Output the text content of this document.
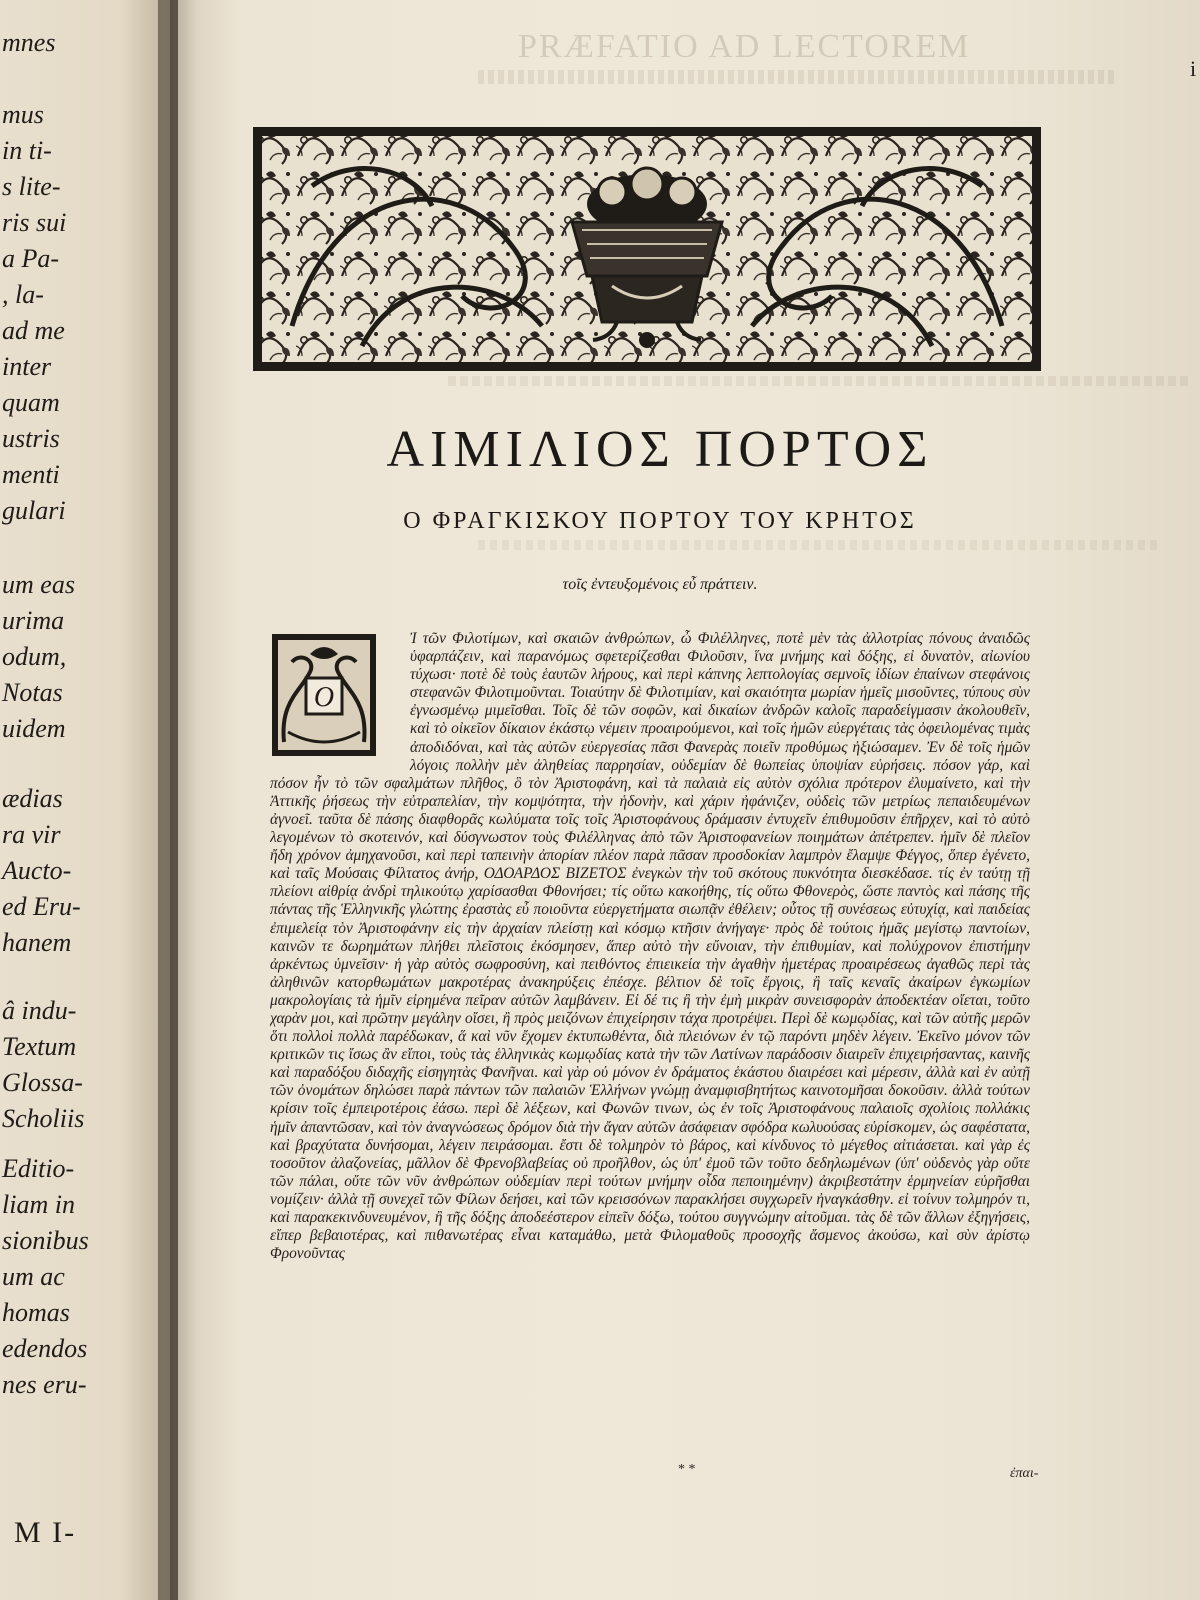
mnes
mus
in ti-
s lite-
ris sui
a Pa-
, la-
ad me
inter
quam
ustris
menti
gulari
um eas
urima
odum,
Notas
uidem
ædias
ra vir
Aucto-
ed Eru-
hanem
â indu-
Textum
Glossa-
Scholiis
Editio-
liam in
sionibus
um ac
homas
edendos
nes eru-
M I-
PRÆFATIO AD LECTOREM
i
ΑΙΜΙΛΙΟΣ ΠΟΡΤΟΣ
Ο ΦΡΑΓΚΙΣΚΟΥ ΠΟΡΤΟΥ ΤΟΥ ΚΡΗΤΟΣ
τοῖς ἐντευξομένοις εὖ πράττειν.
Ο
Ἰ τῶν Φιλοτίμων, καὶ σκαιῶν ἀνθρώπων, ὦ Φιλέλληνες, ποτὲ μὲν τὰς ἀλλοτρίας πόνους ἀναιδῶς ὑφαρπάζειν, καὶ παρανόμως σφετερίζεσθαι Φιλοῦσιν, ἵνα μνήμης καὶ δόξης, εἰ δυνατὸν, αἰωνίου τύχωσι· ποτὲ δὲ τοὺς ἑαυτῶν λήρους, καὶ περὶ κάπνης λεπτολογίας σεμνοῖς ἰδίων ἐπαίνων στεφάνοις στεφανῶν Φιλοτιμοῦνται. Τοιαύτην δὲ Φιλοτιμίαν, καὶ σκαιότητα μωρίαν ἡμεῖς μισοῦντες, τύπους σὺν ἐγνωσμένῳ μιμεῖσθαι. Τοῖς δὲ τῶν σοφῶν, καὶ δικαίων ἀνδρῶν καλοῖς παραδείγμασιν ἀκολουθεῖν, καὶ τὸ οἰκεῖον δίκαιον ἑκάστῳ νέμειν προαιρούμενοι, καὶ τοῖς ἡμῶν εὐεργέταις τὰς ὀφειλομένας τιμὰς ἀποδιδόναι, καὶ τὰς αὐτῶν εὐεργεσίας πᾶσι Φανερὰς ποιεῖν προθύμως ἠξιώσαμεν. Ἐν δὲ τοῖς ἡμῶν λόγοις πολλὴν μὲν ἀληθείας παρρησίαν, οὐδεμίαν δὲ θωπείας ὑποψίαν εὑρήσεις. πόσον γάρ, καὶ πόσον ἦν τὸ τῶν σφαλμάτων πλῆθος, ὃ τὸν Ἀριστοφάνη, καὶ τὰ παλαιὰ εἰς αὐτὸν σχόλια πρότερον ἐλυμαίνετο, καὶ τὴν Ἀττικῆς ῥήσεως τὴν εὐτραπελίαν, τὴν κομψότητα, τὴν ἡδονὴν, καὶ χάριν ἠφάνιζεν, οὐδεὶς τῶν μετρίως πεπαιδευμένων ἀγνοεῖ. ταῦτα δὲ πάσης διαφθορᾶς κωλύματα τοῖς τοῖς Ἀριστοφάνους δράμασιν ἐντυχεῖν ἐπιθυμοῦσιν ἐπῆρχεν, καὶ τὸ αὐτὸ λεγομένων τὸ σκοτεινόν, καὶ δύσγνωστον τοὺς Φιλέλληνας ἀπὸ τῶν Ἀριστοφανείων ποιημάτων ἀπέτρεπεν. ἡμῖν δὲ πλεῖον ἤδη χρόνον ἀμηχανοῦσι, καὶ περὶ ταπεινὴν ἀπορίαν πλέον παρὰ πᾶσαν προσδοκίαν λαμπρὸν ἔλαμψε Φέγγος, ὅπερ ἐγένετο, καὶ ταῖς Μούσαις Φίλτατος ἀνήρ, ΟΔΟΑΡΔΟΣ ΒΙΖΕΤΟΣ ἐνεγκὼν τὴν τοῦ σκότους πυκνότητα διεσκέδασε. τίς ἐν ταύτῃ τῇ πλείονι αἰθρίᾳ ἀνδρὶ τηλικούτῳ χαρίσασθαι Φθονήσει; τίς οὕτω κακοήθης, τίς οὕτω Φθονερὸς, ὥστε παντὸς καὶ πάσης τῆς πάντας τῆς Ἑλληνικῆς γλώττης ἐραστὰς εὖ ποιοῦντα εὐεργετήματα σιωπᾷν ἐθέλειν; οὗτος τῇ συνέσεως εὐτυχίᾳ, καὶ παιδείας ἐπιμελείᾳ τὸν Ἀριστοφάνην εἰς τὴν ἀρχαίαν πλείστῃ καὶ κόσμῳ κτῆσιν ἀνήγαγε· πρὸς δὲ τούτοις ἡμᾶς μεγίστῳ παντοίων, καινῶν τε δωρημάτων πλήθει πλεῖστοις ἐκόσμησεν, ἅπερ αὐτὸ τὴν εὔνοιαν, τὴν ἐπιθυμίαν, καὶ πολύχρονον ἐπιστήμην ἀρκέντως ὑμνεῖσιν· ἡ γὰρ αὐτὸς σωφροσύνη, καὶ πειθόντος ἐπιεικεία τὴν ἀγαθὴν ἡμετέρας προαιρέσεως ἀγαθῶς περὶ τὰς ἀληθινῶν κατορθωμάτων μακροτέρας ἀνακηρύξεις ἐπέσχε. βέλτιον δὲ τοῖς ἔργοις, ἢ ταῖς κεναῖς ἀκαίρων ἐγκωμίων μακρολογίαις τὰ ἡμῖν εἰρημένα πεῖραν αὐτῶν λαμβάνειν. Εἰ δέ τις ἢ τὴν ἐμὴ μικρὰν συνεισφορὰν ἀποδεκτέαν οἴεται, τοῦτο χαρὰν μοι, καὶ πρῶτην μεγάλην οἴσει, ἢ πρὸς μειζόνων ἐπιχείρησιν τάχα προτρέψει. Περὶ δὲ κωμῳδίας, καὶ τῶν αὐτῆς μερῶν ὅτι πολλοὶ πολλὰ παρέδωκαν, ἅ καὶ νῦν ἔχομεν ἐκτυπωθέντα, διὰ πλειόνων ἐν τῷ παρόντι μηδὲν λέγειν. Ἐκεῖνο μόνον τῶν κριτικῶν τις ἴσως ἂν εἴποι, τοὺς τὰς ἑλληνικὰς κωμῳδίας κατὰ τὴν τῶν Λατίνων παράδοσιν διαιρεῖν ἐπιχειρήσαντας, καινῆς καὶ παραδόξου διδαχῆς εἰσηγητὰς Φανῆναι. καὶ γὰρ οὐ μόνον ἐν δράματος ἑκάστου διαιρέσει καὶ μέρεσιν, ἀλλὰ καὶ ἐν αὐτῇ τῶν ὀνομάτων δηλώσει παρὰ πάντων τῶν παλαιῶν Ἑλλήνων γνώμῃ ἀναμφισβητήτως καινοτομῆσαι δοκοῦσιν. ἀλλὰ τούτων κρίσιν τοῖς ἐμπειροτέροις ἐάσω. περὶ δὲ λέξεων, καὶ Φωνῶν τινων, ὡς ἐν τοῖς Ἀριστοφάνους παλαιοῖς σχολίοις πολλάκις ἡμῖν ἀπαντῶσαν, καὶ τὸν ἀναγνώσεως δρόμον διὰ τὴν ἄγαν αὐτῶν ἀσάφειαν σφόδρα κωλυούσας εὑρίσκομεν, ὡς σαφέστατα, καὶ βραχύτατα δυνήσομαι, λέγειν πειράσομαι. ἔστι δὲ τολμηρὸν τὸ βάρος, καὶ κίνδυνος τὸ μέγεθος αἰτιάσεται. καὶ γὰρ ἐς τοσοῦτον ἀλαζονείας, μᾶλλον δὲ Φρενοβλαβείας οὐ προῆλθον, ὡς ὑπ' ἐμοῦ τῶν τοῦτο δεδηλωμένων (ὑπ' οὐδενὸς γὰρ οὔτε τῶν πάλαι, οὔτε τῶν νῦν ἀνθρώπων οὐδεμίαν περὶ τούτων μνήμην οἶδα πεποιημένην) ἀκριβεστάτην ἑρμηνείαν εὑρῆσθαι νομίζειν· ἀλλὰ τῇ συνεχεῖ τῶν Φίλων δεήσει, καὶ τῶν κρεισσόνων παρακλήσει συγχωρεῖν ἠναγκάσθην. εἰ τοίνυν τολμηρόν τι, καὶ παρακεκινδυνευμένον, ἢ τῆς δόξης ἀποδεέστερον εἰπεῖν δόξω, τούτου συγγνώμην αἰτοῦμαι. τὰς δὲ τῶν ἄλλων ἐξηγήσεις, εἴπερ βεβαιοτέρας, καὶ πιθανωτέρας εἶναι καταμάθω, μετὰ Φιλομαθοῦς προσοχῆς ἄσμενος ἀκούσω, καὶ σὺν ἀρίστῳ Φρονοῦντας
* *	ἐπαι-
